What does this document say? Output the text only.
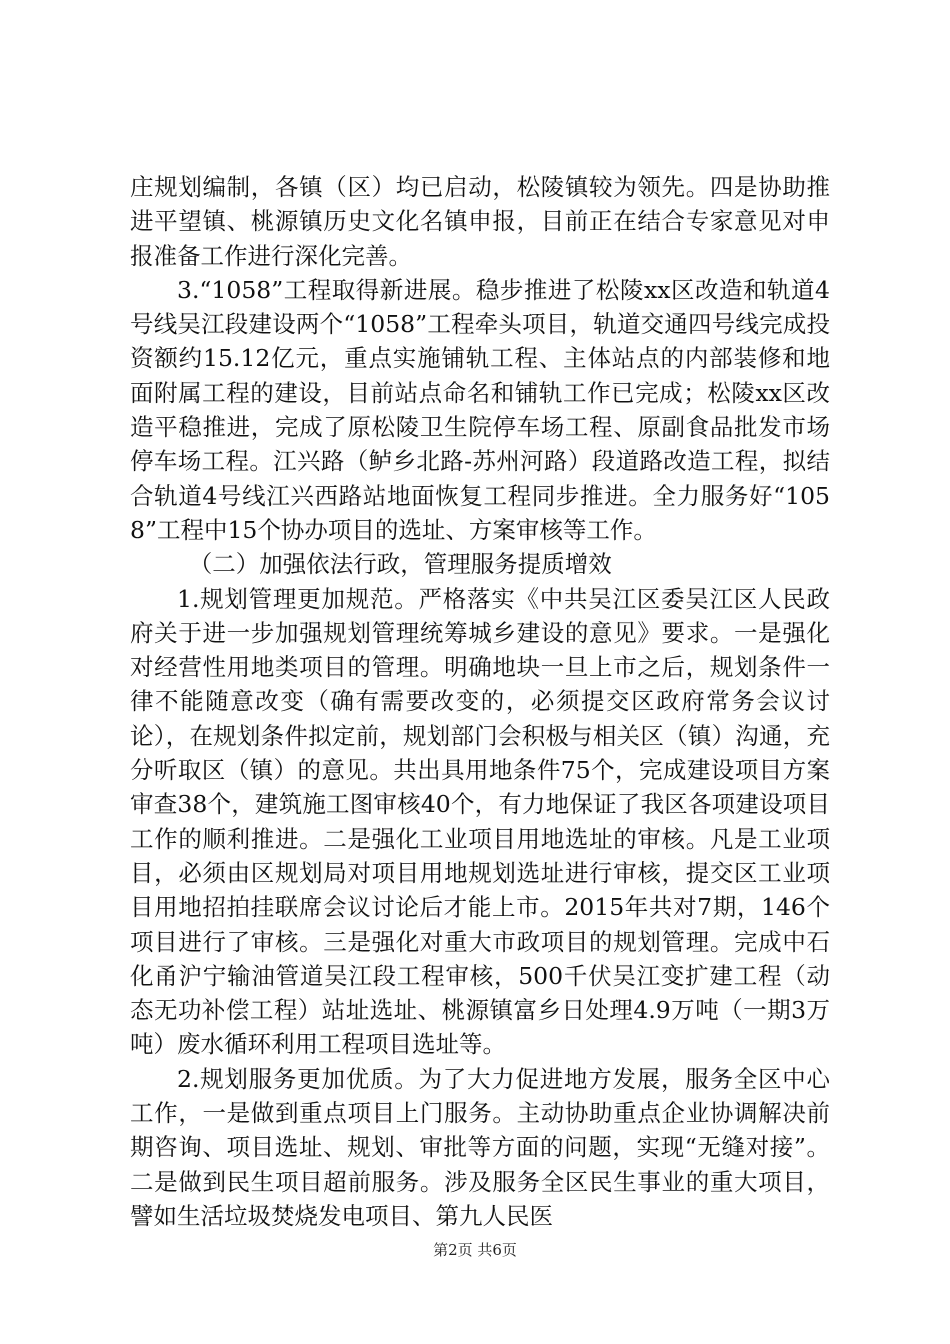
庄规划编制，各镇（区）均已启动，松陵镇较为领先。四是协助推进平望镇、桃源镇历史文化名镇申报，目前正在结合专家意见对申报准备工作进行深化完善。

3.“1058”工程取得新进展。稳步推进了松陵xx区改造和轨道4号线吴江段建设两个“1058”工程牵头项目，轨道交通四号线完成投资额约15.12亿元，重点实施铺轨工程、主体站点的内部装修和地面附属工程的建设，目前站点命名和铺轨工作已完成；松陵xx区改造平稳推进，完成了原松陵卫生院停车场工程、原副食品批发市场停车场工程。江兴路（鲈乡北路-苏州河路）段道路改造工程，拟结合轨道4号线江兴西路站地面恢复工程同步推进。全力服务好“1058”工程中15个协办项目的选址、方案审核等工作。

（二）加强依法行政，管理服务提质增效

1.规划管理更加规范。严格落实《中共吴江区委吴江区人民政府关于进一步加强规划管理统筹城乡建设的意见》要求。一是强化对经营性用地类项目的管理。明确地块一旦上市之后，规划条件一律不能随意改变（确有需要改变的，必须提交区政府常务会议讨论），在规划条件拟定前，规划部门会积极与相关区（镇）沟通，充分听取区（镇）的意见。共出具用地条件75个，完成建设项目方案审查38个，建筑施工图审核40个，有力地保证了我区各项建设项目工作的顺利推进。二是强化工业项目用地选址的审核。凡是工业项目，必须由区规划局对项目用地规划选址进行审核，提交区工业项目用地招拍挂联席会议讨论后才能上市。2015年共对7期，146个项目进行了审核。三是强化对重大市政项目的规划管理。完成中石化甬沪宁输油管道吴江段工程审核，500千伏吴江变扩建工程（动态无功补偿工程）站址选址、桃源镇富乡日处理4.9万吨（一期3万吨）废水循环利用工程项目选址等。

2.规划服务更加优质。为了大力促进地方发展，服务全区中心工作，一是做到重点项目上门服务。主动协助重点企业协调解决前期咨询、项目选址、规划、审批等方面的问题，实现“无缝对接”。二是做到民生项目超前服务。涉及服务全区民生事业的重大项目，譬如生活垃圾焚烧发电项目、第九人民医

第2页 共6页
